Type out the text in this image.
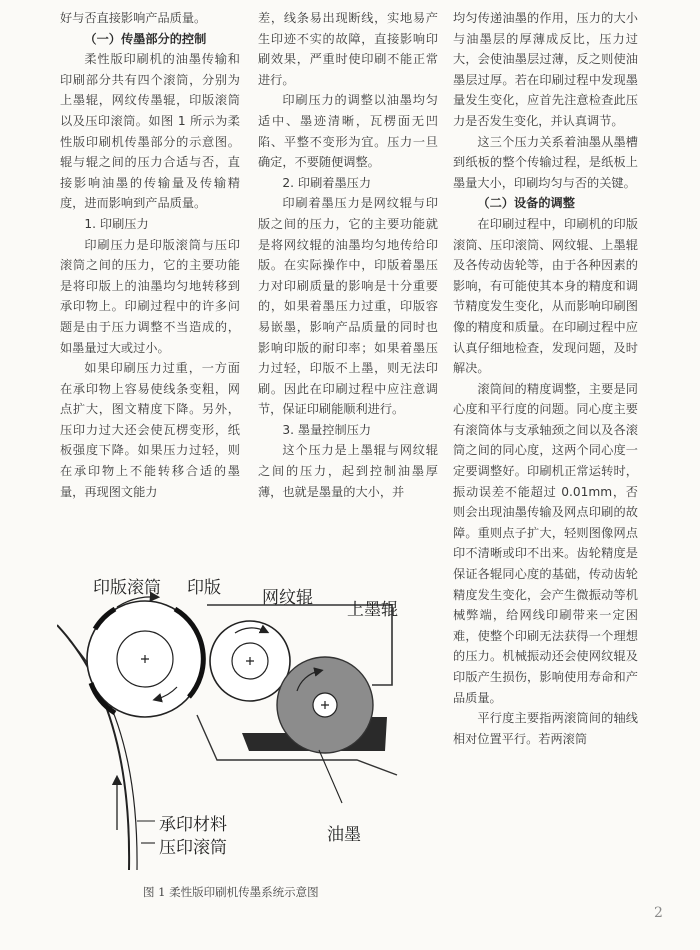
好与否直接影响产品质量。

（一）传墨部分的控制

柔性版印刷机的油墨传输和印刷部分共有四个滚筒，分别为上墨辊，网纹传墨辊，印版滚筒以及压印滚筒。如图 1 所示为柔性版印刷机传墨部分的示意图。辊与辊之间的压力合适与否，直接影响油墨的传输量及传输精度，进而影响到产品质量。

1. 印刷压力

印刷压力是印版滚筒与压印滚筒之间的压力，它的主要功能是将印版上的油墨均匀地转移到承印物上。印刷过程中的许多问题是由于压力调整不当造成的，如墨量过大或过小。

如果印刷压力过重，一方面在承印物上容易使线条变粗，网点扩大，图文精度下降。另外，压印力过大还会使瓦楞变形，纸板强度下降。如果压力过轻，则在承印物上不能转移合适的墨量，再现图文能力

差，线条易出现断线，实地易产生印迹不实的故障，直接影响印刷效果，严重时使印刷不能正常进行。

印刷压力的调整以油墨均匀适中、墨迹清晰，瓦楞面无凹陷、平整不变形为宜。压力一旦确定，不要随便调整。

2. 印刷着墨压力

印刷着墨压力是网纹辊与印版之间的压力，它的主要功能就是将网纹辊的油墨均匀地传给印版。在实际操作中，印版着墨压力对印刷质量的影响是十分重要的，如果着墨压力过重，印版容易嵌墨，影响产品质量的同时也影响印版的耐印率；如果着墨压力过轻，印版不上墨，则无法印刷。因此在印刷过程中应注意调节，保证印刷能顺利进行。

3. 墨量控制压力

这个压力是上墨辊与网纹辊之间的压力，起到控制油墨厚薄，也就是墨量的大小，并

均匀传递油墨的作用，压力的大小与油墨层的厚薄成反比，压力过大，会使油墨层过薄，反之则使油墨层过厚。若在印刷过程中发现墨量发生变化，应首先注意检查此压力是否发生变化，并认真调节。

这三个压力关系着油墨从墨槽到纸板的整个传输过程，是纸板上墨量大小，印刷均匀与否的关键。

（二）设备的调整

在印刷过程中，印刷机的印版滚筒、压印滚筒、网纹辊、上墨辊及各传动齿轮等，由于各种因素的影响，有可能使其本身的精度和调节精度发生变化，从而影响印刷图像的精度和质量。在印刷过程中应认真仔细地检查，发现问题，及时解决。

滚筒间的精度调整，主要是同心度和平行度的问题。同心度主要有滚筒体与支承轴颈之间以及各滚筒之间的同心度，这两个同心度一定要调整好。印刷机正常运转时，振动误差不能超过 0.01mm，否则会出现油墨传输及网点印刷的故障。重则点子扩大，轻则图像网点印不清晰或印不出来。齿轮精度是保证各辊同心度的基础，传动齿轮精度发生变化，会产生微振动等机械弊端，给网线印刷带来一定困难，使整个印刷无法获得一个理想的压力。机械振动还会使网纹辊及印版产生损伤，影响使用寿命和产品质量。

平行度主要指两滚筒间的轴线相对位置平行。若两滚筒

印版滚筒 印版 网纹辊
上墨辊
承印材料
压印滚筒
油墨
图 1 柔性版印刷机传墨系统示意图
2
